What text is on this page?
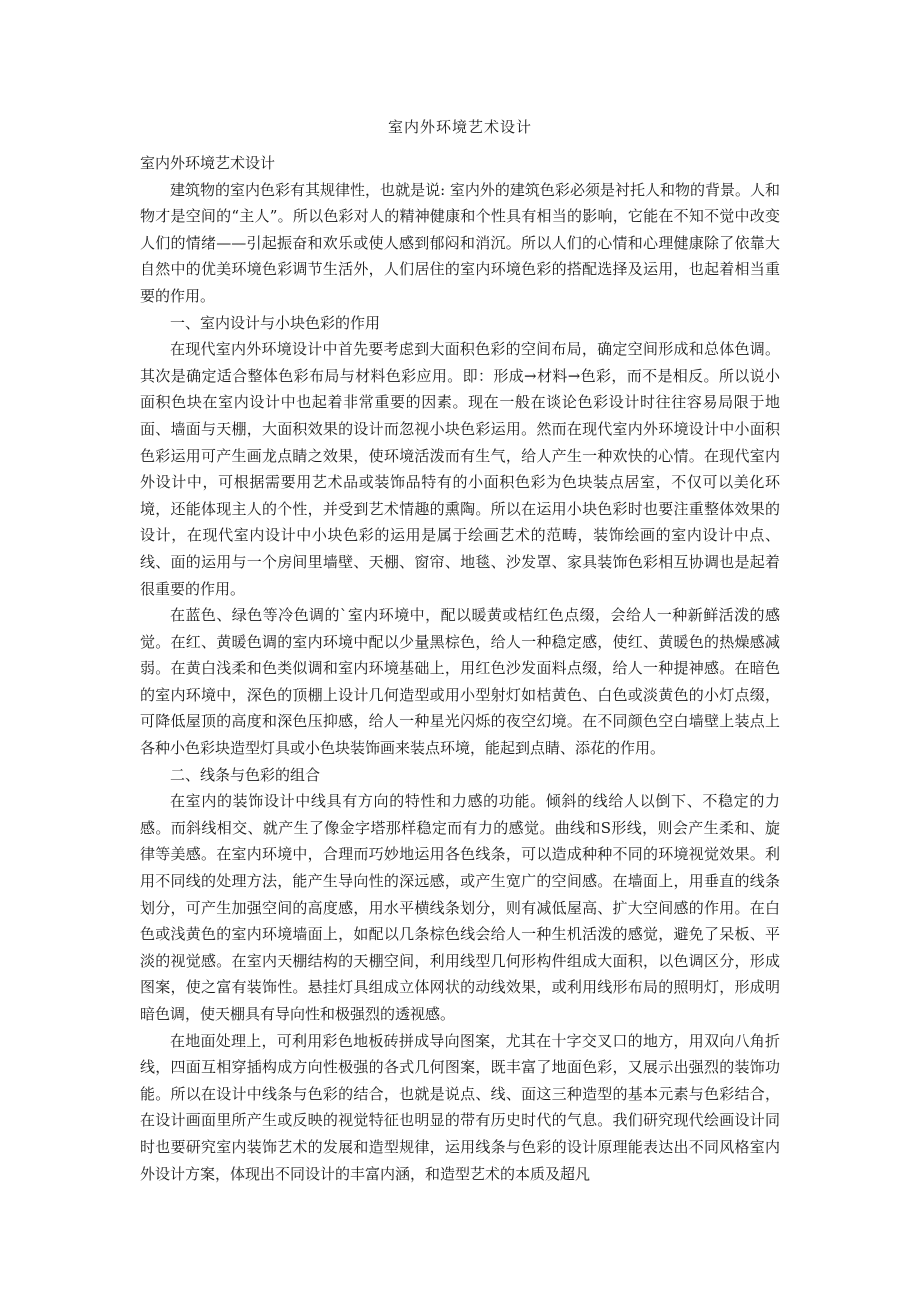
室内外环境艺术设计

室内外环境艺术设计

建筑物的室内色彩有其规律性，也就是说: 室内外的建筑色彩必须是衬托人和物的背景。人和物才是空间的“主人”。所以色彩对人的精神健康和个性具有相当的影响，它能在不知不觉中改变人们的情绪——引起振奋和欢乐或使人感到郁闷和消沉。所以人们的心情和心理健康除了依靠大自然中的优美环境色彩调节生活外，人们居住的室内环境色彩的搭配选择及运用，也起着相当重要的作用。

一、室内设计与小块色彩的作用

在现代室内外环境设计中首先要考虑到大面积色彩的空间布局，确定空间形成和总体色调。其次是确定适合整体色彩布局与材料色彩应用。即：形成→材料→色彩，而不是相反。所以说小面积色块在室内设计中也起着非常重要的因素。现在一般在谈论色彩设计时往往容易局限于地面、墙面与天棚，大面积效果的设计而忽视小块色彩运用。然而在现代室内外环境设计中小面积色彩运用可产生画龙点睛之效果，使环境活泼而有生气，给人产生一种欢快的心情。在现代室内外设计中，可根据需要用艺术品或装饰品特有的小面积色彩为色块装点居室，不仅可以美化环境，还能体现主人的个性，并受到艺术情趣的熏陶。所以在运用小块色彩时也要注重整体效果的设计，在现代室内设计中小块色彩的运用是属于绘画艺术的范畴，装饰绘画的室内设计中点、线、面的运用与一个房间里墙壁、天棚、窗帘、地毯、沙发罩、家具装饰色彩相互协调也是起着很重要的作用。

在蓝色、绿色等冷色调的`室内环境中，配以暖黄或桔红色点缀，会给人一种新鲜活泼的感觉。在红、黄暖色调的室内环境中配以少量黑棕色，给人一种稳定感，使红、黄暖色的热燥感减弱。在黄白浅柔和色类似调和室内环境基础上，用红色沙发面料点缀，给人一种提神感。在暗色的室内环境中，深色的顶棚上设计几何造型或用小型射灯如桔黄色、白色或淡黄色的小灯点缀，可降低屋顶的高度和深色压抑感，给人一种星光闪烁的夜空幻境。在不同颜色空白墙壁上装点上各种小色彩块造型灯具或小色块装饰画来装点环境，能起到点睛、添花的作用。

二、线条与色彩的组合

在室内的装饰设计中线具有方向的特性和力感的功能。倾斜的线给人以倒下、不稳定的力感。而斜线相交、就产生了像金字塔那样稳定而有力的感觉。曲线和S形线，则会产生柔和、旋律等美感。在室内环境中，合理而巧妙地运用各色线条，可以造成种种不同的环境视觉效果。利用不同线的处理方法，能产生导向性的深远感，或产生宽广的空间感。在墙面上，用垂直的线条划分，可产生加强空间的高度感，用水平横线条划分，则有减低屋高、扩大空间感的作用。在白色或浅黄色的室内环境墙面上，如配以几条棕色线会给人一种生机活泼的感觉，避免了呆板、平淡的视觉感。在室内天棚结构的天棚空间，利用线型几何形构件组成大面积，以色调区分，形成图案，使之富有装饰性。悬挂灯具组成立体网状的动线效果，或利用线形布局的照明灯，形成明暗色调，使天棚具有导向性和极强烈的透视感。

在地面处理上，可利用彩色地板砖拼成导向图案，尤其在十字交叉口的地方，用双向八角折线，四面互相穿插构成方向性极强的各式几何图案，既丰富了地面色彩，又展示出强烈的装饰功能。所以在设计中线条与色彩的结合，也就是说点、线、面这三种造型的基本元素与色彩结合，在设计画面里所产生或反映的视觉特征也明显的带有历史时代的气息。我们研究现代绘画设计同时也要研究室内装饰艺术的发展和造型规律，运用线条与色彩的设计原理能表达出不同风格室内外设计方案，体现出不同设计的丰富内涵，和造型艺术的本质及超凡
